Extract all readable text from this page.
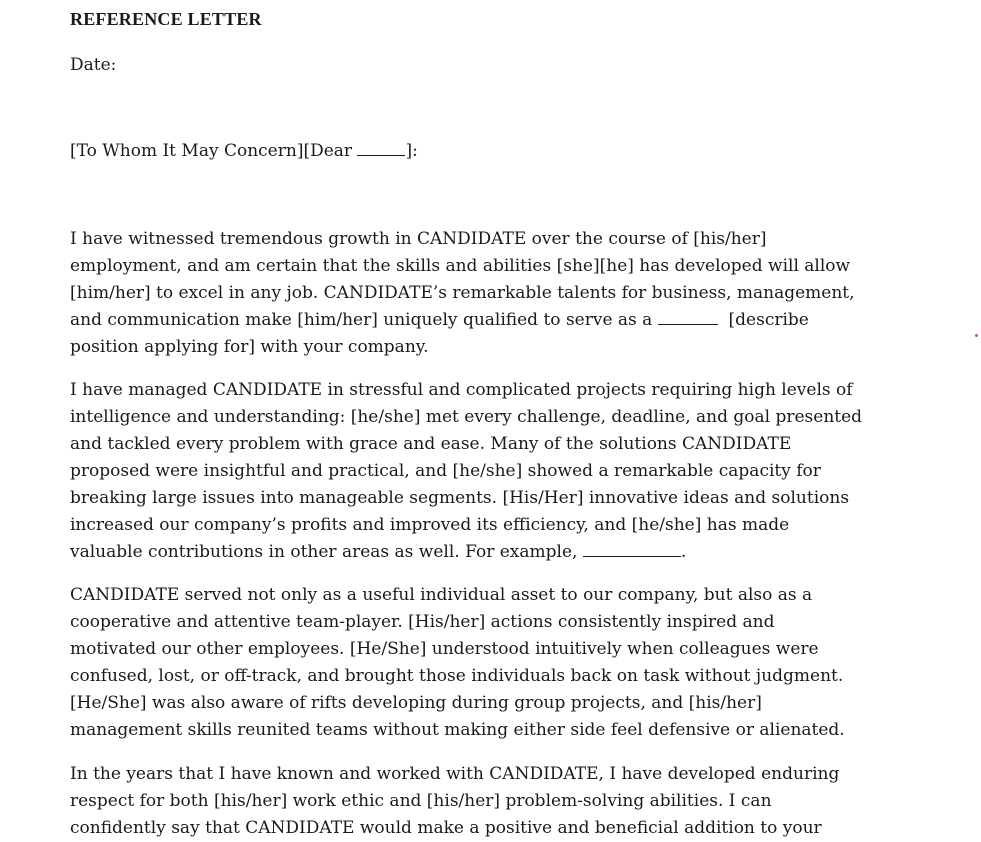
REFERENCE LETTER
Date:
[To Whom It May Concern][Dear	]:
I have witnessed tremendous growth in CANDIDATE over the course of [his/her]
employment, and am certain that the skills and abilities [she][he] has developed will allow
[him/her] to excel in any job. CANDIDATE’s remarkable talents for business, management,
and communication make [him/her] uniquely qualified to serve as a	[describe
position applying for] with your company.
I have managed CANDIDATE in stressful and complicated projects requiring high levels of
intelligence and understanding: [he/she] met every challenge, deadline, and goal presented
and tackled every problem with grace and ease. Many of the solutions CANDIDATE
proposed were insightful and practical, and [he/she] showed a remarkable capacity for
breaking large issues into manageable segments. [His/Her] innovative ideas and solutions
increased our company’s profits and improved its efficiency, and [he/she] has made
valuable contributions in other areas as well. For example,	.
CANDIDATE served not only as a useful individual asset to our company, but also as a
cooperative and attentive team-player. [His/her] actions consistently inspired and
motivated our other employees. [He/She] understood intuitively when colleagues were
confused, lost, or off-track, and brought those individuals back on task without judgment.
[He/She] was also aware of rifts developing during group projects, and [his/her]
management skills reunited teams without making either side feel defensive or alienated.
In the years that I have known and worked with CANDIDATE, I have developed enduring
respect for both [his/her] work ethic and [his/her] problem-solving abilities. I can
confidently say that CANDIDATE would make a positive and beneficial addition to your
